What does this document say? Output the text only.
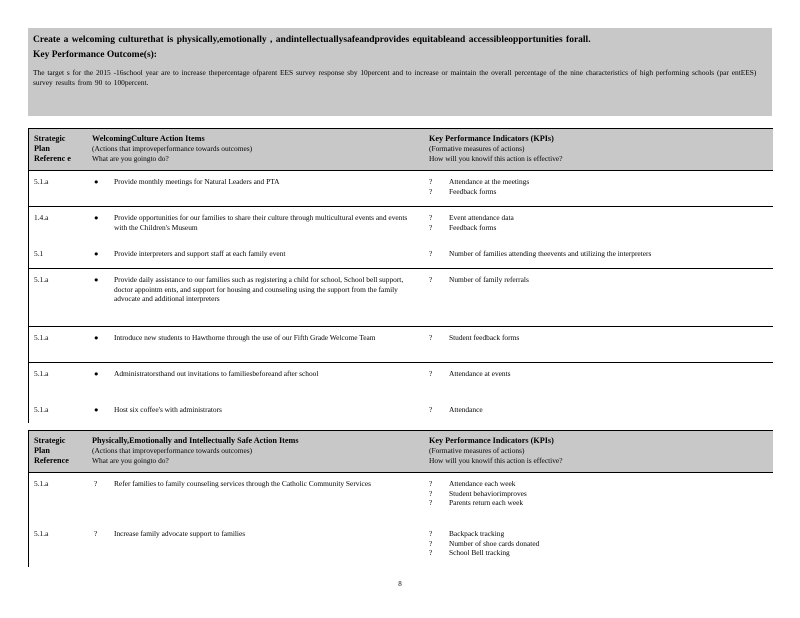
Create a welcoming culturethat is physically,emotionally , andintellectuallysafeandprovides equitableand accessibleopportunities forall.
Key Performance Outcome(s):
The target s for the 2015 -16school year are to increase thepercentage ofparent EES survey response sby 10percent and to increase or maintain the overall percentage of the nine characteristics of high performing schools (par entEES) survey results from 90 to 100percent.
Strategic
Plan
Referenc e
WelcomingCulture Action Items
(Actions that improveperformance towards outcomes)
What are you goingto do?
Key Performance Indicators (KPIs)
(Formative measures of actions)
How will you knowif this action is effective?
5.1.a	●	Provide monthly meetings for Natural Leaders and PTA	?	Attendance at the meetings
?	Feedback forms
1.4.a	●	Provide opportunities for our families to share their culture through multicultural events and events with the Children's Museum
?	Event attendance data
?	Feedback forms
5.1	●	Provide interpreters and support staff at each family event	?	Number of families attending theevents and utilizing the interpreters
5.1.a	●	Provide daily assistance to our families such as registering a child for school, School bell support, doctor appointm ents, and support for housing and counseling using the support from the family advocate and additional interpreters
?	Number of family referrals
5.1.a	●	Introduce new students to Hawthorne through the use of our Fifth Grade Welcome Team	?	Student feedback forms
5.1.a	●	Administratorsthand out invitations to familiesbeforeand after school	?	Attendance at events
5.1.a	●	Host six coffee's with administrators	?	Attendance
Strategic
Plan
Reference
Physically,Emotionally and Intellectually Safe Action Items
(Actions that improveperformance towards outcomes)
What are you goingto do?
Key Performance Indicators (KPIs)
(Formative measures of actions)
How will you knowif this action is effective?
5.1.a	?	Refer families to family counseling services through the Catholic Community Services	?	Attendance each week
?	Student behaviorimproves
?	Parents return each week
5.1.a	?	Increase family advocate support to families	?	Backpack tracking
?	Number of shoe cards donated
?	School Bell tracking
8
